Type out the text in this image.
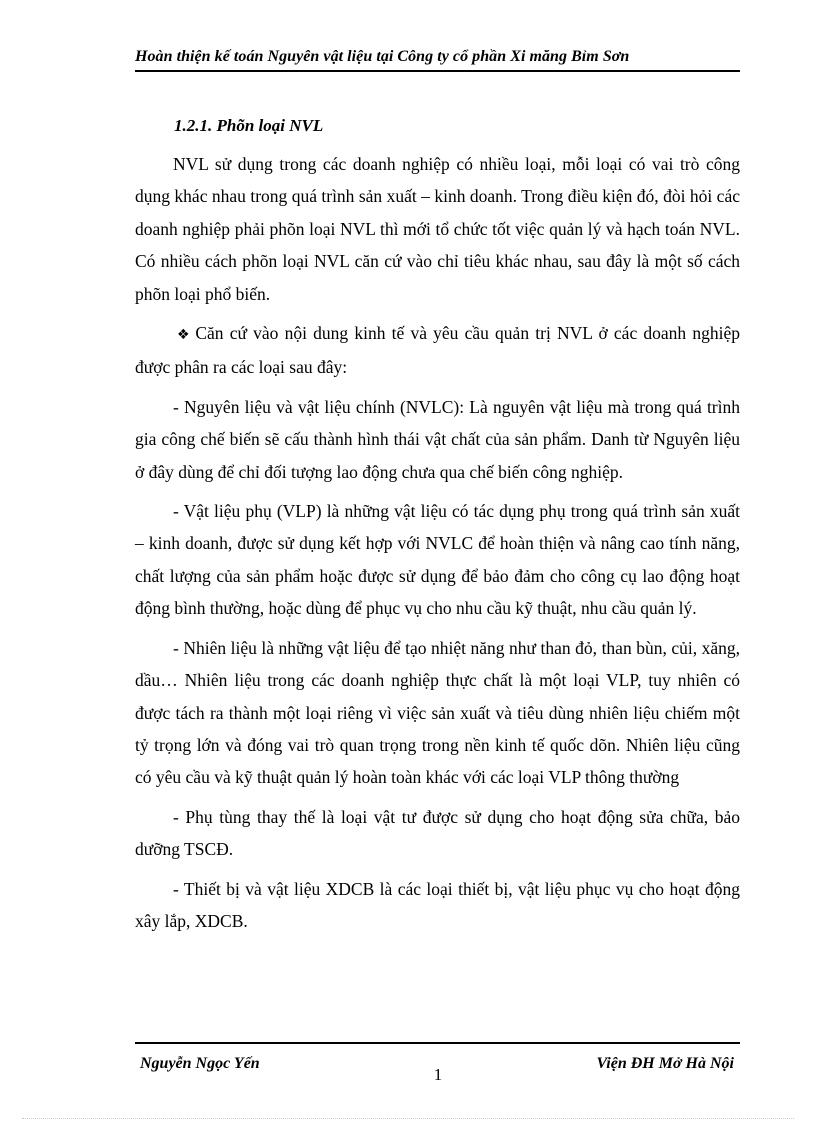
Hoàn thiện kế toán Nguyên vật liệu tại Công ty cổ phần Xi măng Bỉm Sơn
1.2.1. Phõn loại NVL

NVL sử dụng trong các doanh nghiệp có nhiều loại, mỗi loại có vai trò công dụng khác nhau trong quá trình sản xuất – kinh doanh. Trong điều kiện đó, đòi hỏi các doanh nghiệp phải phõn loại NVL thì mới tổ chức tốt việc quản lý và hạch toán NVL. Có nhiều cách phõn loại NVL căn cứ vào chỉ tiêu khác nhau, sau đây là một số cách phõn loại phổ biến.

❖ Căn cứ vào nội dung kinh tế và yêu cầu quản trị NVL ở các doanh nghiệp được phân ra các loại sau đây:

- Nguyên liệu và vật liệu chính (NVLC): Là nguyên vật liệu mà trong quá trình gia công chế biến sẽ cấu thành hình thái vật chất của sản phẩm. Danh từ Nguyên liệu ở đây dùng để chỉ đối tượng lao động chưa qua chế biến công nghiệp.

- Vật liệu phụ (VLP) là những vật liệu có tác dụng phụ trong quá trình sản xuất – kinh doanh, được sử dụng kết hợp với NVLC để hoàn thiện và nâng cao tính năng, chất lượng của sản phẩm hoặc được sử dụng để bảo đảm cho công cụ lao động hoạt động bình thường, hoặc dùng để phục vụ cho nhu cầu kỹ thuật, nhu cầu quản lý.

- Nhiên liệu là những vật liệu để tạo nhiệt năng như than đỏ, than bùn, củi, xăng, dầu… Nhiên liệu trong các doanh nghiệp thực chất là một loại VLP, tuy nhiên có được tách ra thành một loại riêng vì việc sản xuất và tiêu dùng nhiên liệu chiếm một tỷ trọng lớn và đóng vai trò quan trọng trong nền kinh tế quốc dõn. Nhiên liệu cũng có yêu cầu và kỹ thuật quản lý hoàn toàn khác với các loại VLP thông thường

- Phụ tùng thay thế là loại vật tư được sử dụng cho hoạt động sửa chữa, bảo dưỡng TSCĐ.

- Thiết bị và vật liệu XDCB là các loại thiết bị, vật liệu phục vụ cho hoạt động xây lắp, XDCB.

Nguyễn Ngọc Yến	Viện ĐH Mở Hà Nội
1
